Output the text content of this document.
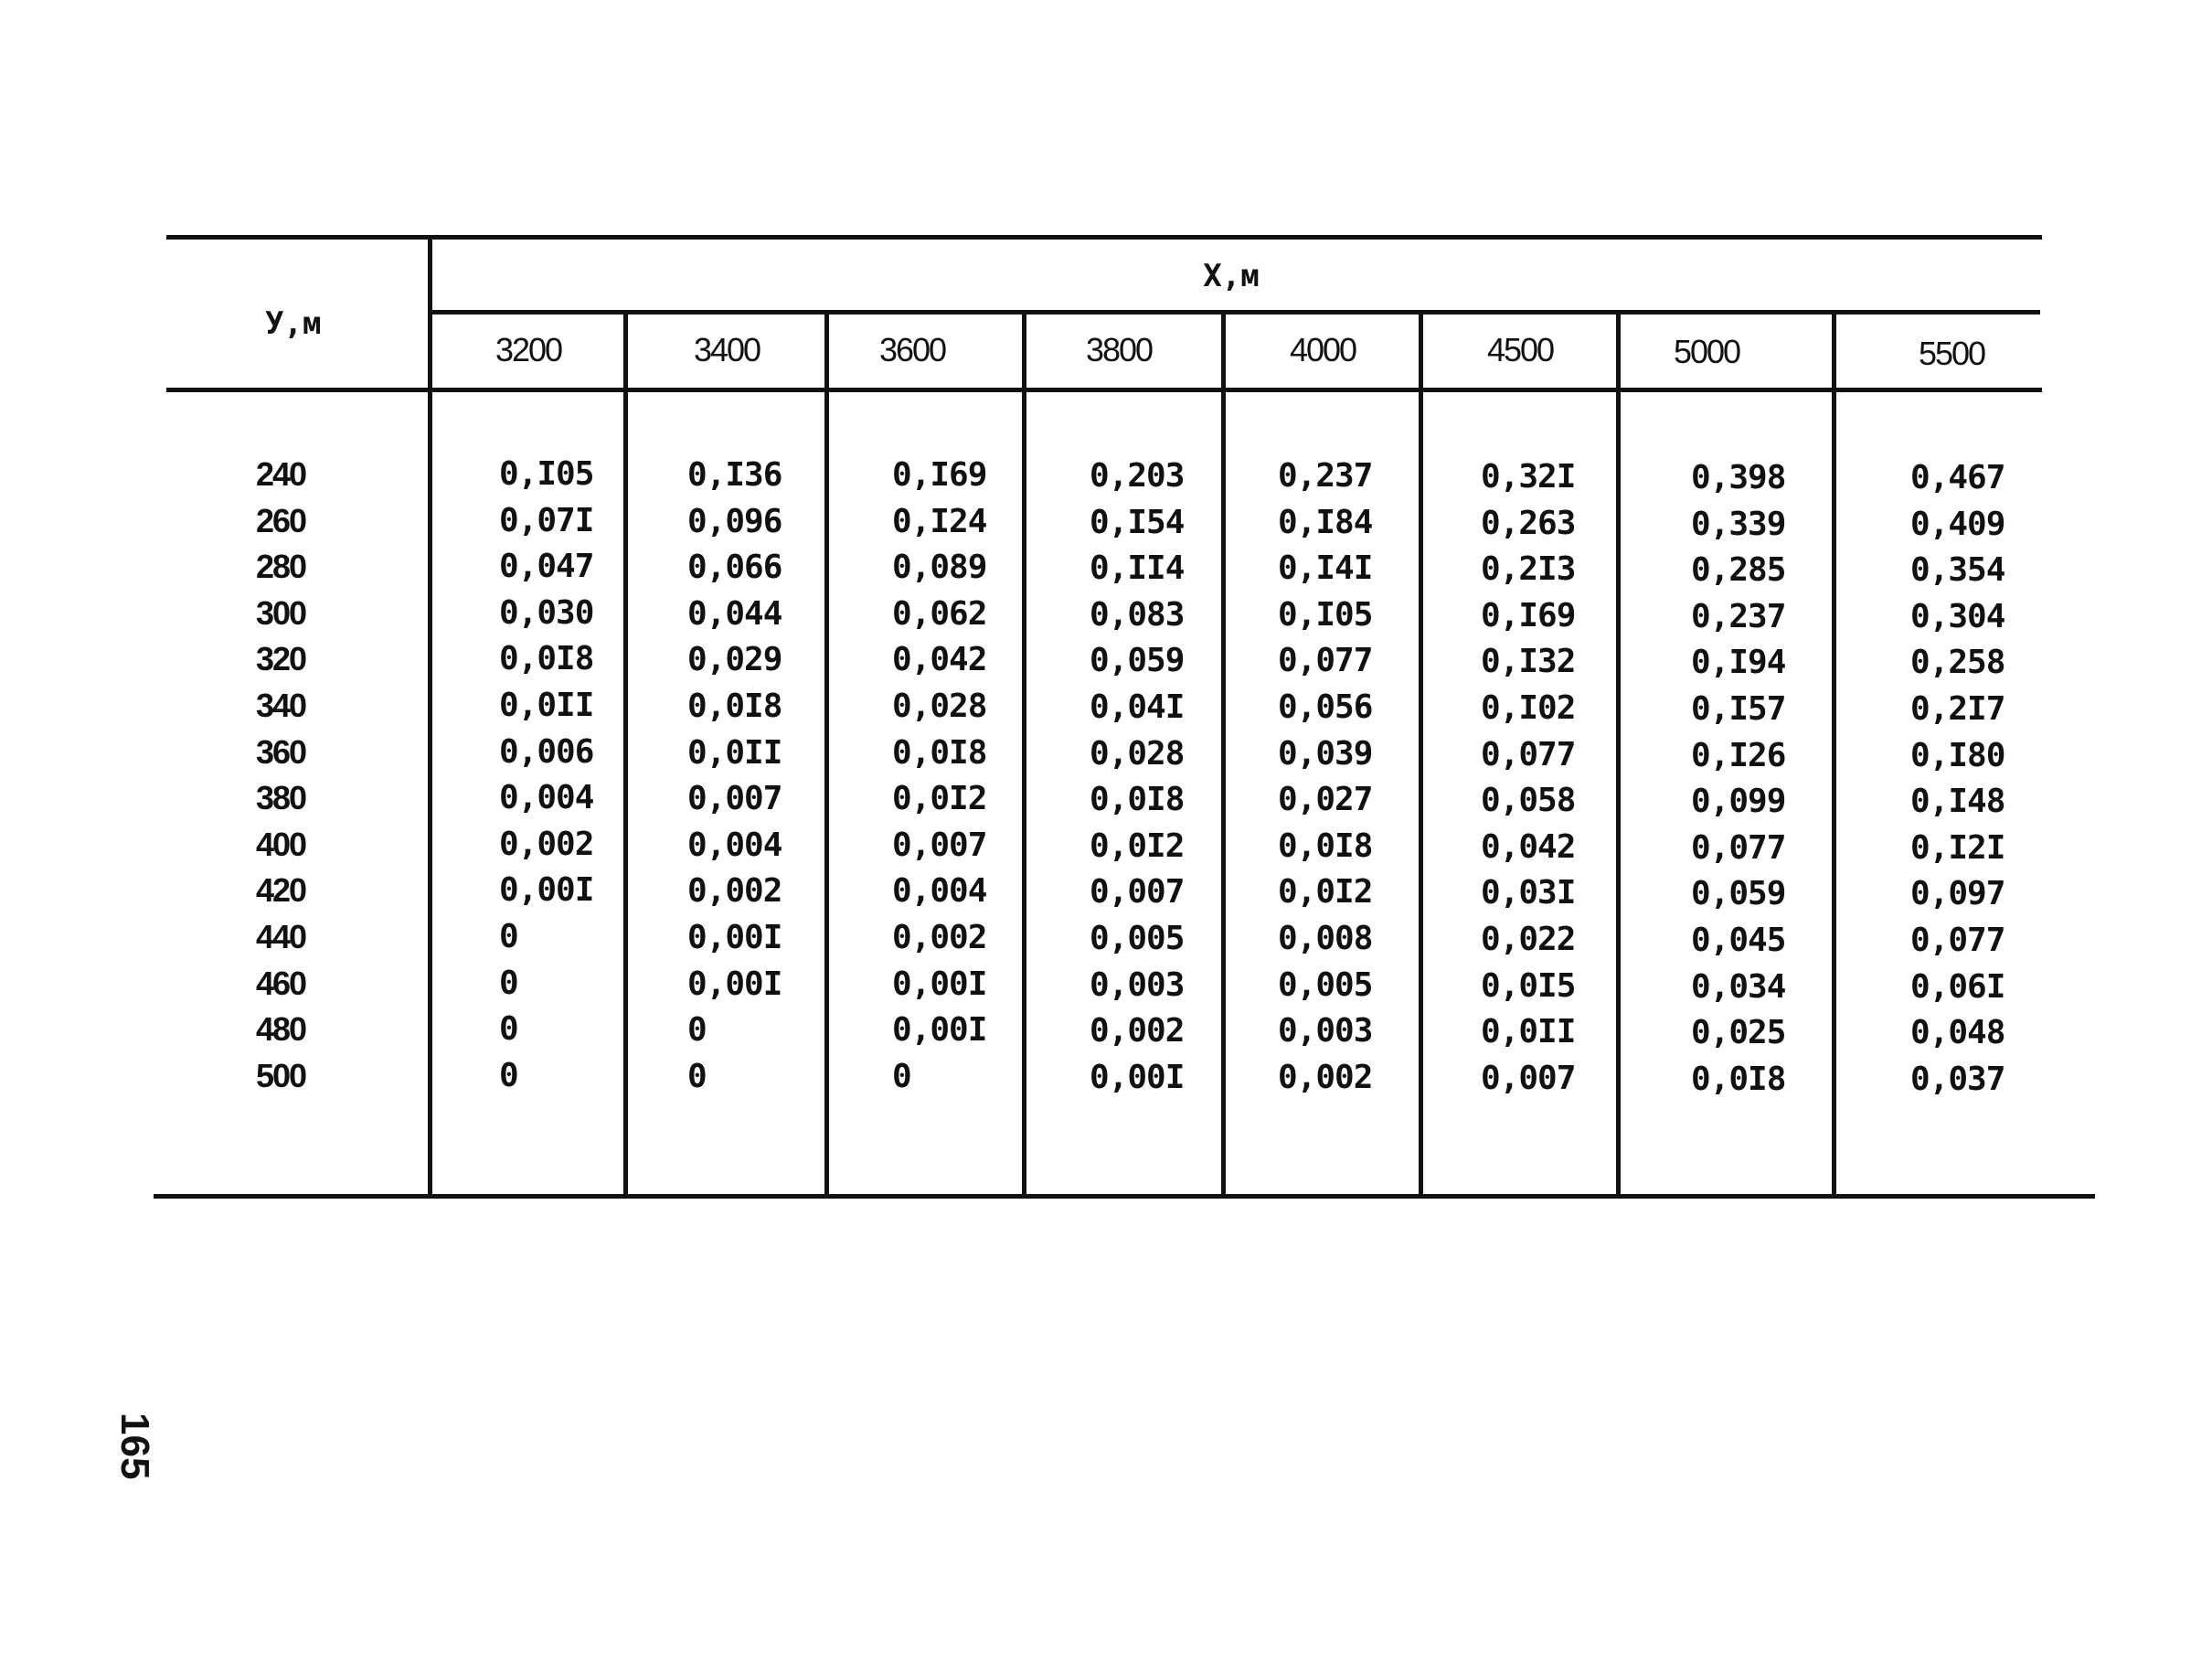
X,м
У,м
3200	3400	3600	3800	4000	4500	5000	5500
240	0,I05	0,I36	0,I69	0,203	0,237	0,32I	0,398	0,467
260	0,07I	0,096	0,I24	0,I54	0,I84	0,263	0,339	0,409
280	0,047	0,066	0,089	0,II4	0,I4I	0,2I3	0,285	0,354
300	0,030	0,044	0,062	0,083	0,I05	0,I69	0,237	0,304
320	0,0I8	0,029	0,042	0,059	0,077	0,I32	0,I94	0,258
340	0,0II	0,0I8	0,028	0,04I	0,056	0,I02	0,I57	0,2I7
360	0,006	0,0II	0,0I8	0,028	0,039	0,077	0,I26	0,I80
380	0,004	0,007	0,0I2	0,0I8	0,027	0,058	0,099	0,I48
400	0,002	0,004	0,007	0,0I2	0,0I8	0,042	0,077	0,I2I
420	0,00I	0,002	0,004	0,007	0,0I2	0,03I	0,059	0,097
440	0	0,00I	0,002	0,005	0,008	0,022	0,045	0,077
460	0	0,00I	0,00I	0,003	0,005	0,0I5	0,034	0,06I
480	0	0	0,00I	0,002	0,003	0,0II	0,025	0,048
500	0	0	0	0,00I	0,002	0,007	0,0I8	0,037
165
